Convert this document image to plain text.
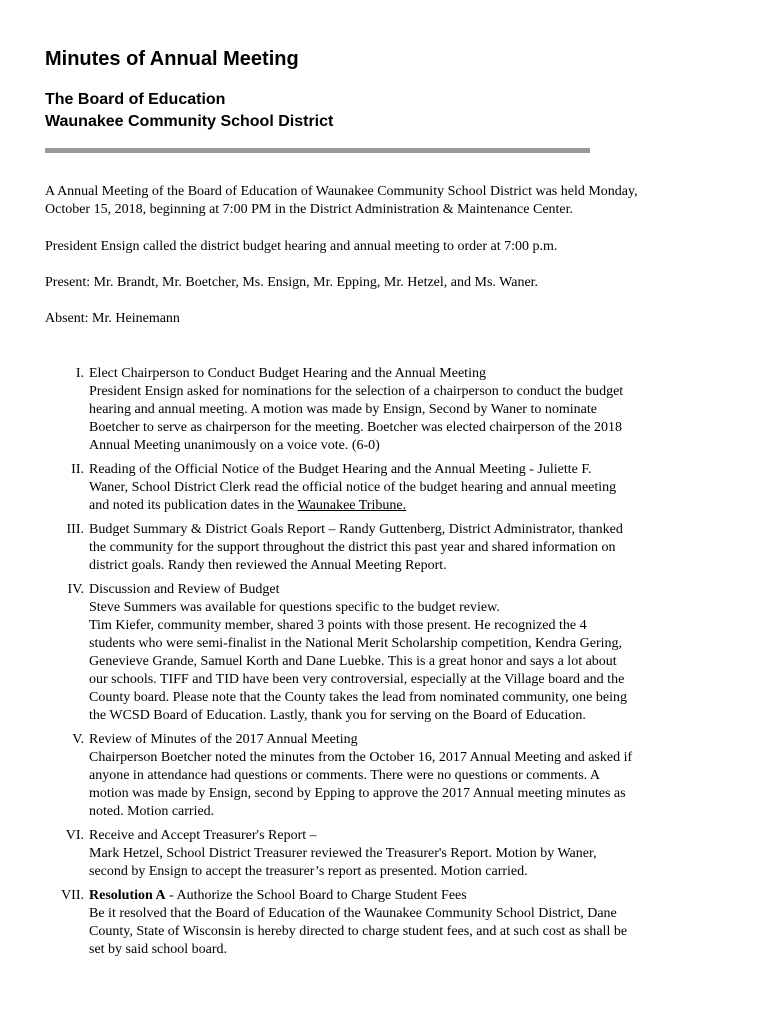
Minutes of Annual Meeting
The Board of Education
Waunakee Community School District
A Annual Meeting of the Board of Education of Waunakee Community School District was held Monday,
October 15, 2018, beginning at 7:00 PM in the District Administration & Maintenance Center.
President Ensign called the district budget hearing and annual meeting to order at 7:00 p.m.
Present: Mr. Brandt, Mr. Boetcher, Ms. Ensign, Mr. Epping, Mr. Hetzel, and Ms. Waner.
Absent: Mr. Heinemann
I. Elect Chairperson to Conduct Budget Hearing and the Annual Meeting
President Ensign asked for nominations for the selection of a chairperson to conduct the budget
hearing and annual meeting. A motion was made by Ensign, Second by Waner to nominate
Boetcher to serve as chairperson for the meeting. Boetcher was elected chairperson of the 2018
Annual Meeting unanimously on a voice vote. (6-0)
II. Reading of the Official Notice of the Budget Hearing and the Annual Meeting - Juliette F.
Waner, School District Clerk read the official notice of the budget hearing and annual meeting
and noted its publication dates in the Waunakee Tribune.
III. Budget Summary & District Goals Report – Randy Guttenberg, District Administrator, thanked
the community for the support throughout the district this past year and shared information on
district goals. Randy then reviewed the Annual Meeting Report.
IV. Discussion and Review of Budget
Steve Summers was available for questions specific to the budget review.
Tim Kiefer, community member, shared 3 points with those present. He recognized the 4
students who were semi-finalist in the National Merit Scholarship competition, Kendra Gering,
Genevieve Grande, Samuel Korth and Dane Luebke. This is a great honor and says a lot about
our schools. TIFF and TID have been very controversial, especially at the Village board and the
County board. Please note that the County takes the lead from nominated community, one being
the WCSD Board of Education. Lastly, thank you for serving on the Board of Education.
V. Review of Minutes of the 2017 Annual Meeting
Chairperson Boetcher noted the minutes from the October 16, 2017 Annual Meeting and asked if
anyone in attendance had questions or comments. There were no questions or comments. A
motion was made by Ensign, second by Epping to approve the 2017 Annual meeting minutes as
noted. Motion carried.
VI. Receive and Accept Treasurer's Report –
Mark Hetzel, School District Treasurer reviewed the Treasurer's Report. Motion by Waner,
second by Ensign to accept the treasurer’s report as presented. Motion carried.
VII. Resolution A - Authorize the School Board to Charge Student Fees
Be it resolved that the Board of Education of the Waunakee Community School District, Dane
County, State of Wisconsin is hereby directed to charge student fees, and at such cost as shall be
set by said school board.
